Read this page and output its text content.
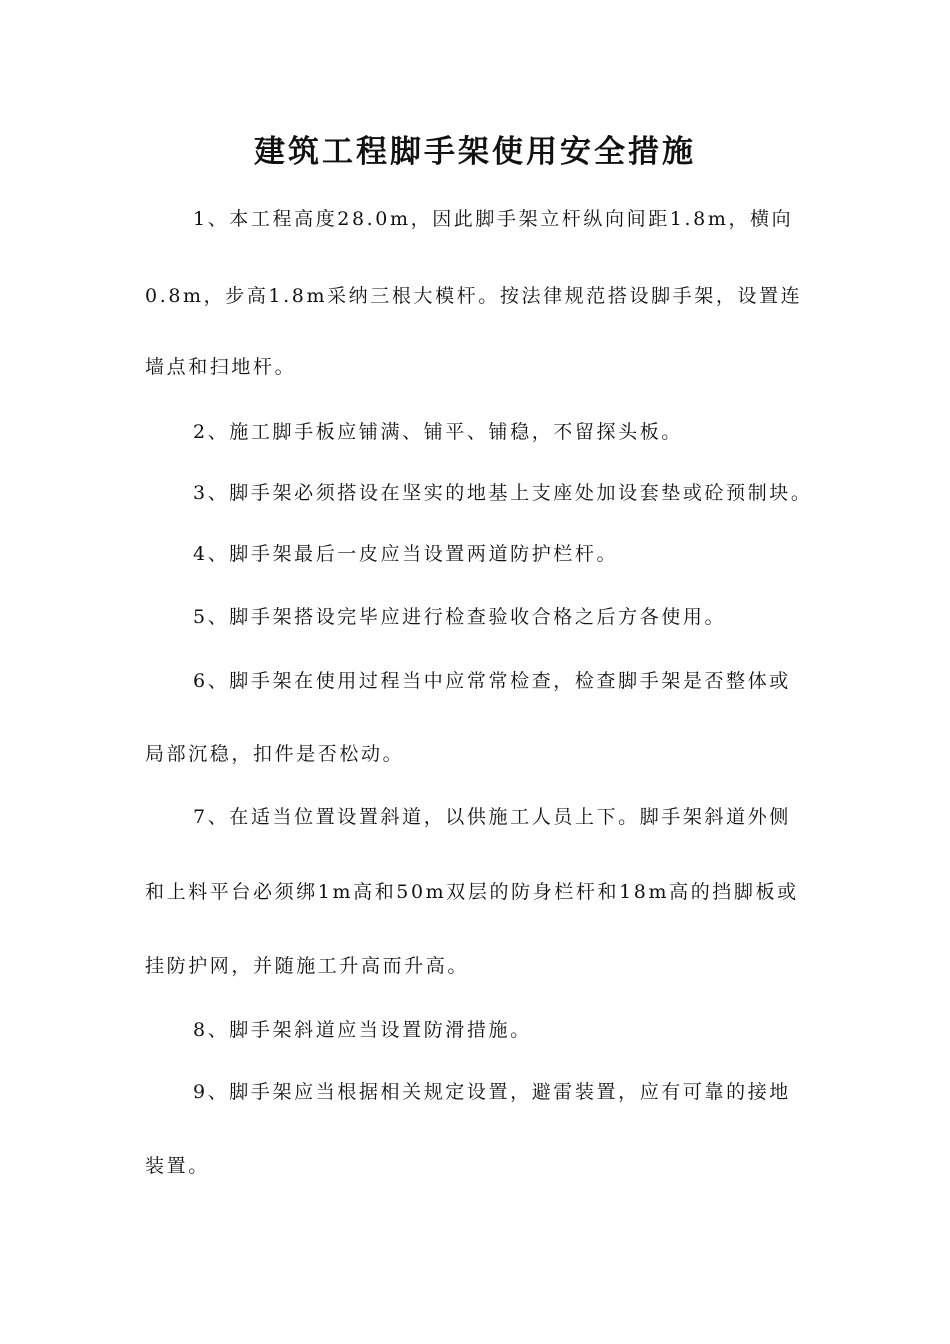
建筑工程脚手架使用安全措施
1、本工程高度28.0m，因此脚手架立杆纵向间距1.8m，横向
0.8m，步高1.8m采纳三根大模杆。按法律规范搭设脚手架，设置连
墙点和扫地杆。
2、施工脚手板应铺满、铺平、铺稳，不留探头板。
3、脚手架必须搭设在坚实的地基上支座处加设套垫或砼预制块。
4、脚手架最后一皮应当设置两道防护栏杆。
5、脚手架搭设完毕应进行检查验收合格之后方各使用。
6、脚手架在使用过程当中应常常检查，检查脚手架是否整体或
局部沉稳，扣件是否松动。
7、在适当位置设置斜道，以供施工人员上下。脚手架斜道外侧
和上料平台必须绑1m高和50m双层的防身栏杆和18m高的挡脚板或
挂防护网，并随施工升高而升高。
8、脚手架斜道应当设置防滑措施。
9、脚手架应当根据相关规定设置，避雷装置，应有可靠的接地
装置。
